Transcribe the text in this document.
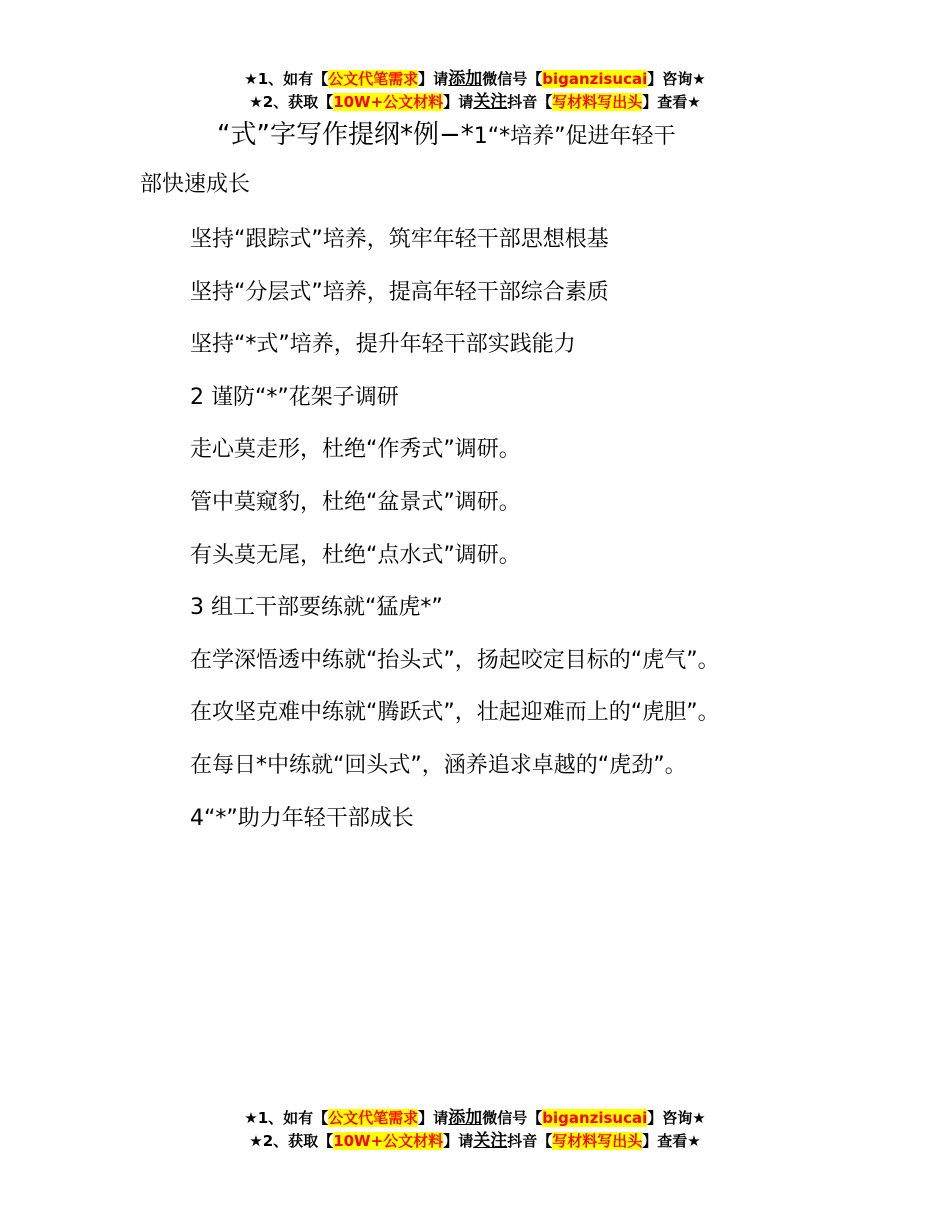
★1、如有【公文代笔需求】请添加微信号【biganzisucai】咨询★
★2、获取【10W+公文材料】请关注抖音【写材料写出头】查看★
“式”字写作提纲*例−*1“*培养”促进年轻干
部快速成长
坚持“跟踪式”培养，筑牢年轻干部思想根基
坚持“分层式”培养，提高年轻干部综合素质
坚持“*式”培养，提升年轻干部实践能力
2 谨防“*”花架子调研
走心莫走形，杜绝“作秀式”调研。
管中莫窥豹，杜绝“盆景式”调研。
有头莫无尾，杜绝“点水式”调研。
3 组工干部要练就“猛虎*”
在学深悟透中练就“抬头式”，扬起咬定目标的“虎气”。
在攻坚克难中练就“腾跃式”，壮起迎难而上的“虎胆”。
在每日*中练就“回头式”，涵养追求卓越的“虎劲”。
4“*”助力年轻干部成长
★1、如有【公文代笔需求】请添加微信号【biganzisucai】咨询★
★2、获取【10W+公文材料】请关注抖音【写材料写出头】查看★
